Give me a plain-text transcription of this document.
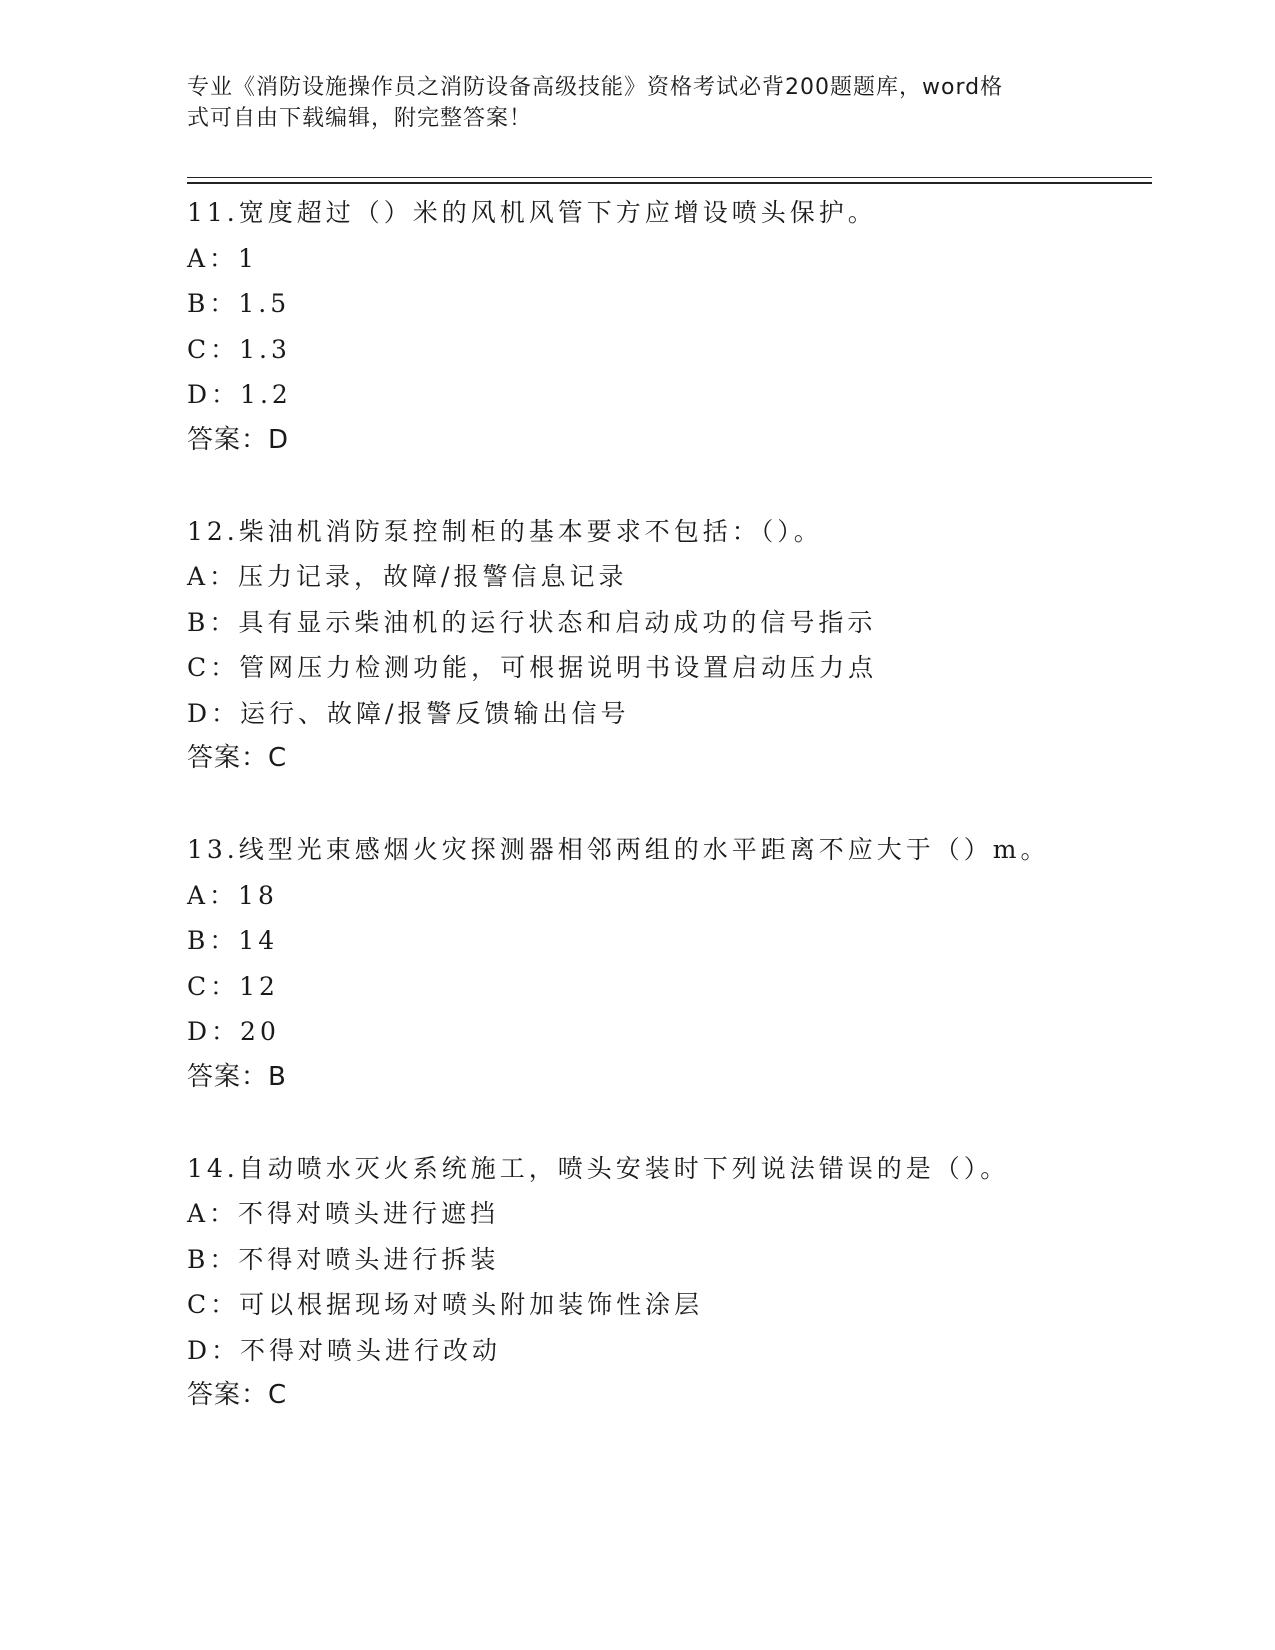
专业《消防设施操作员之消防设备高级技能》资格考试必背200题题库，word格
式可自由下载编辑，附完整答案！
11.宽度超过（）米的风机风管下方应增设喷头保护。
A：1
B：1.5
C：1.3
D：1.2
答案：D
12.柴油机消防泵控制柜的基本要求不包括：（）。
A：压力记录，故障/报警信息记录
B：具有显示柴油机的运行状态和启动成功的信号指示
C：管网压力检测功能，可根据说明书设置启动压力点
D：运行、故障/报警反馈输出信号
答案：C
13.线型光束感烟火灾探测器相邻两组的水平距离不应大于（）m。
A：18
B：14
C：12
D：20
答案：B
14.自动喷水灭火系统施工，喷头安装时下列说法错误的是（）。
A：不得对喷头进行遮挡
B：不得对喷头进行拆装
C：可以根据现场对喷头附加装饰性涂层
D：不得对喷头进行改动
答案：C
